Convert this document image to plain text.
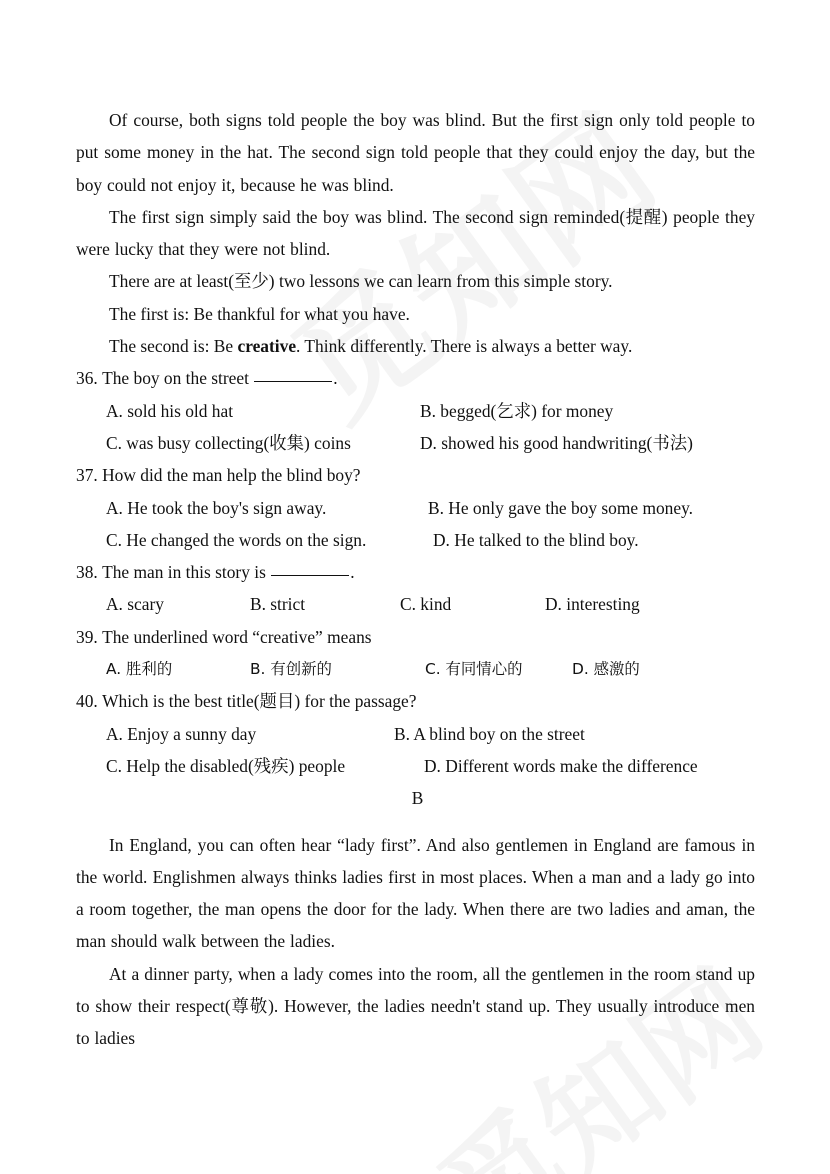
Of course, both signs told people the boy was blind. But the first sign only told people to put some money in the hat. The second sign told people that they could enjoy the day, but the boy could not enjoy it, because he was blind.

The first sign simply said the boy was blind. The second sign reminded(提醒) people they were lucky that they were not blind.

There are at least(至少) two lessons we can learn from this simple story.

The first is: Be thankful for what you have.

The second is: Be creative. Think differently. There is always a better way.

36. The boy on the street	.

A. sold his old hat	B. begged(乞求) for money
C. was busy collecting(收集) coins	D. showed his good handwriting(书法)

37. How did the man help the blind boy?

A. He took the boy's sign away.	B. He only gave the boy some money.
C. He changed the words on the sign.	D. He talked to the blind boy.

38. The man in this story is	.

A. scary	B. strict	C. kind	D. interesting

39. The underlined word “creative” means

A. 胜利的	B. 有创新的	C. 有同情心的	D. 感激的

40. Which is the best title(题目) for the passage?

A. Enjoy a sunny day	B. A blind boy on the street
C. Help the disabled(残疾) people	D. Different words make the difference

B

In England, you can often hear “lady first”. And also gentlemen in England are famous in the world. Englishmen always thinks ladies first in most places. When a man and a lady go into a room together, the man opens the door for the lady. When there are two ladies and aman, the man should walk between the ladies.

At a dinner party, when a lady comes into the room, all the gentlemen in the room stand up to show their respect(尊敬). However, the ladies needn't stand up. They usually introduce men to ladies
